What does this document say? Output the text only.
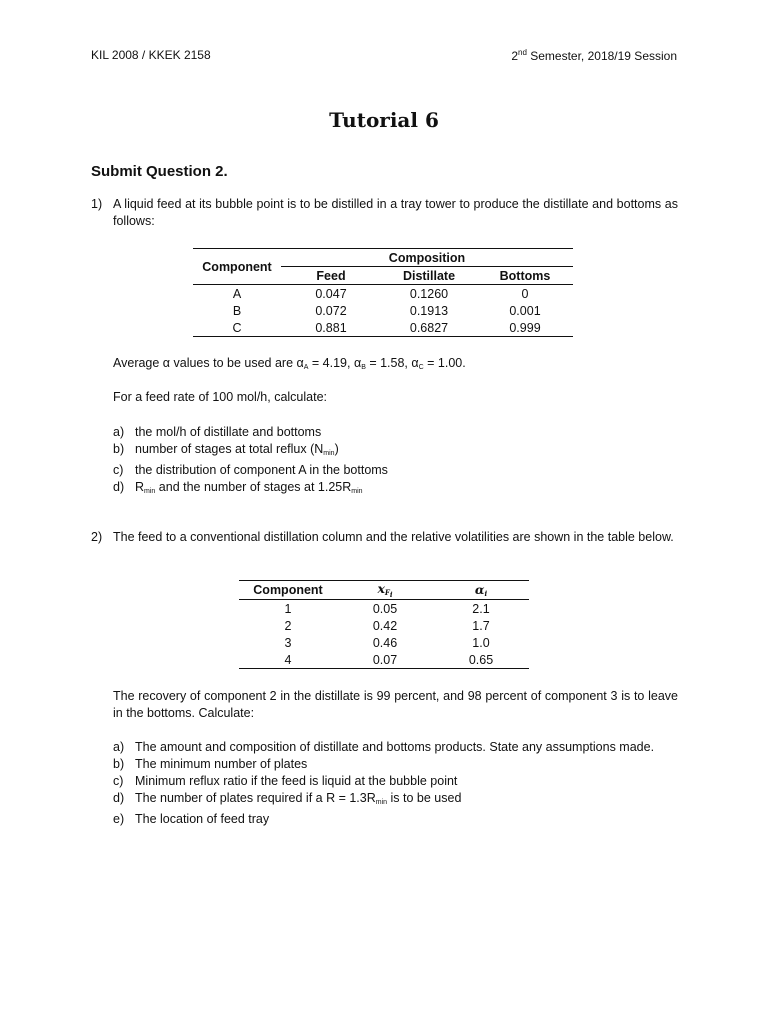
KIL 2008 / KKEK 2158	2nd Semester, 2018/19 Session
Tutorial 6
Submit Question 2.
1) A liquid feed at its bubble point is to be distilled in a tray tower to produce the distillate and bottoms as follows:
Component	Composition		
	Feed	Distillate	Bottoms
A	0.047	0.1260	0
B	0.072	0.1913	0.001
C	0.881	0.6827	0.999
Average α values to be used are $\alpha_A = 4.19$, $\alpha_B = 1.58$, $\alpha_C = 1.00$.
For a feed rate of 100 mol/h, calculate:
a) the mol/h of distillate and bottoms
b) number of stages at total reflux $(N_{min})$
c) the distribution of component A in the bottoms
d) $R_{min}$ and the number of stages at $1.25R_{min}$
2) The feed to a conventional distillation column and the relative volatilities are shown in the table below.
Component	$x_{F_i}$	$\alpha_i$
1	0.05	2.1
2	0.42	1.7
3	0.46	1.0
4	0.07	0.65
The recovery of component 2 in the distillate is 99 percent, and 98 percent of component 3 is to leave in the bottoms. Calculate:
a) The amount and composition of distillate and bottoms products. State any assumptions made.
b) The minimum number of plates
c) Minimum reflux ratio if the feed is liquid at the bubble point
d) The number of plates required if a $R = 1.3R_{min}$ is to be used
e) The location of feed tray
